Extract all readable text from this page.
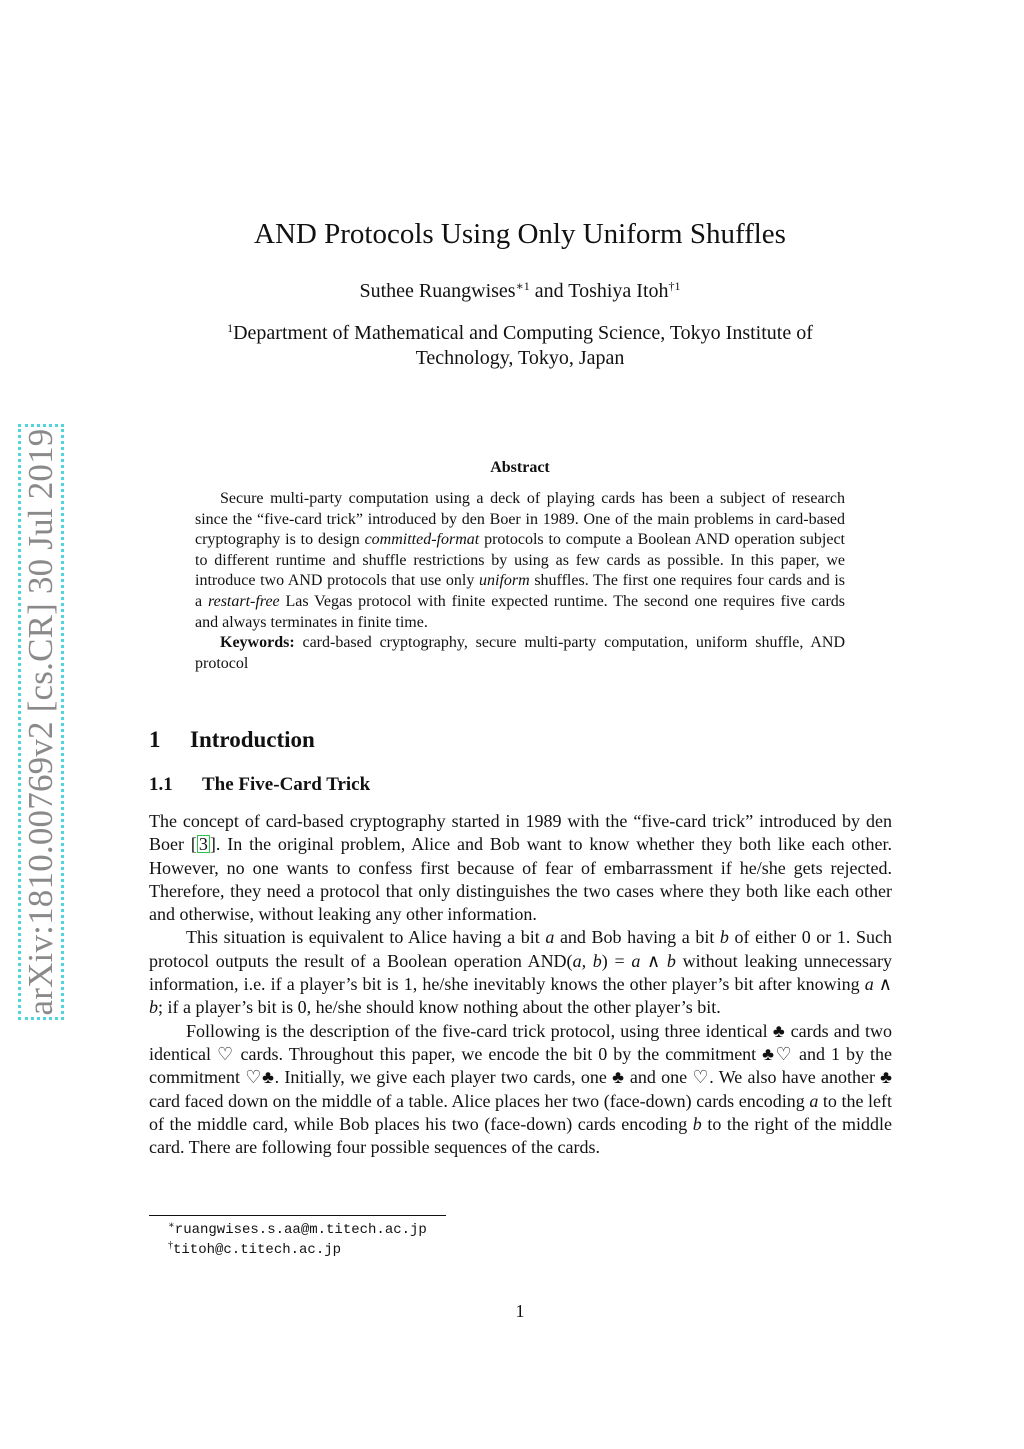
arXiv:1810.00769v2 [cs.CR] 30 Jul 2019
AND Protocols Using Only Uniform Shuffles
Suthee Ruangwises$^{∗1}$ and Toshiya Itoh$^{\dagger 1}$
$^1$Department of Mathematical and Computing Science, Tokyo Institute of
Technology, Tokyo, Japan
Abstract

Secure multi-party computation using a deck of playing cards has been a subject of research since the “five-card trick” introduced by den Boer in 1989. One of the main problems in card-based cryptography is to design committed-format protocols to compute a Boolean AND operation subject to different runtime and shuffle restrictions by using as few cards as possible. In this paper, we introduce two AND protocols that use only uniform shuffles. The first one requires four cards and is a restart-free Las Vegas protocol with finite expected runtime. The second one requires five cards and always terminates in finite time.

Keywords: card-based cryptography, secure multi-party computation, uniform shuffle, AND protocol

1 Introduction
1.1 The Five-Card Trick

The concept of card-based cryptography started in 1989 with the “five-card trick” introduced by den Boer [ 3 ]. In the original problem, Alice and Bob want to know whether they both like each other. However, no one wants to confess first because of fear of embarrassment if he/she gets rejected. Therefore, they need a protocol that only distinguishes the two cases where they both like each other and otherwise, without leaking any other information.

This situation is equivalent to Alice having a bit a and Bob having a bit b of either 0 or 1. Such protocol outputs the result of a Boolean operation AND(a, b) = a ∧ b without leaking unnecessary information, i.e. if a player’s bit is 1, he/she inevitably knows the other player’s bit after knowing a ∧ b; if a player’s bit is 0, he/she should know nothing about the other player’s bit.

Following is the description of the five-card trick protocol, using three identical ♣ cards and two identical ♡ cards. Throughout this paper, we encode the bit 0 by the commitment ♣♡ and 1 by the commitment ♡♣. Initially, we give each player two cards, one ♣ and one ♡. We also have another ♣ card faced down on the middle of a table. Alice places her two (face-down) cards encoding a to the left of the middle card, while Bob places his two (face-down) cards encoding b to the right of the middle card. There are following four possible sequences of the cards.

∗ruangwises.s.aa@m.titech.ac.jp
†titoh@c.titech.ac.jp
1
